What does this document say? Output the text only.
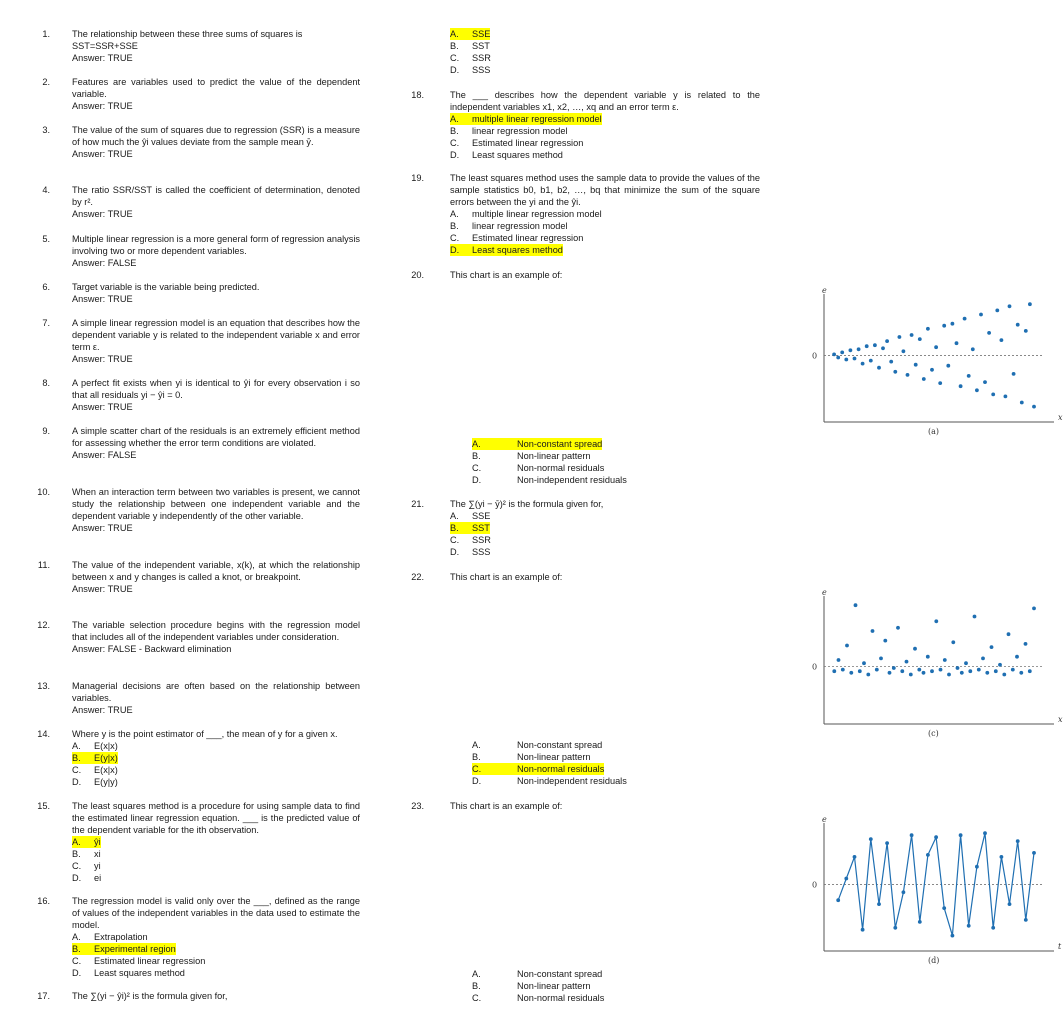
1. The relationship between these three sums of squares is
SST=SSR+SSE
Answer: TRUE
2. Features are variables used to predict the value of the dependent variable.
Answer: TRUE
3. The value of the sum of squares due to regression (SSR) is a measure of how much the ŷi values deviate from the sample mean ȳ.
Answer: TRUE
4. The ratio SSR/SST is called the coefficient of determination, denoted by r².

Answer: TRUE
5. Multiple linear regression is a more general form of regression analysis involving two or more dependent variables.
Answer: FALSE
6. Target variable is the variable being predicted.
Answer: TRUE
7. A simple linear regression model is an equation that describes how the dependent variable y is related to the independent variable x and error term ε.
Answer: TRUE
8. A perfect fit exists when yi is identical to ŷi for every observation i so that all residuals yi − ŷi = 0.
Answer: TRUE
9. A simple scatter chart of the residuals is an extremely efficient method for assessing whether the error term conditions are violated.
Answer: FALSE
10. When an interaction term between two variables is present, we cannot study the relationship between one independent variable and the dependent variable y independently of the other variable.
Answer: TRUE
11. The value of the independent variable, x(k), at which the relationship between x and y changes is called a knot, or breakpoint.
Answer: TRUE
12. The variable selection procedure begins with the regression model that includes all of the independent variables under consideration.
Answer: FALSE - Backward elimination
13. Managerial decisions are often based on the relationship between variables.
Answer: TRUE
14. Where y is the point estimator of ___, the mean of y for a given x.
A.	E(x|x)
B.	E(y|x)
C.	E(x|x)
D.	E(y|y)
15. The least squares method is a procedure for using sample data to find the estimated linear regression equation. ___ is the predicted value of the dependent variable for the ith observation.
A.	ŷi
B.	xi
C.	yi
D.	ei
16. The regression model is valid only over the ___, defined as the range of values of the independent variables in the data used to estimate the model.
A.	Extrapolation
B.	Experimental region
C.	Estimated linear regression
D.	Least squares method
17. The ∑(yi − ŷi)² is the formula given for,
A.	SSE
B.	SST
C.	SSR
D.	SSS
18.	The ___ describes how the dependent variable y is related to the independent variables x1, x2, …, xq and an error term ε.
A.	multiple linear regression model
B.	linear regression model
C.	Estimated linear regression
D.	Least squares method
19.	The least squares method uses the sample data to provide the values of the sample statistics b0, b1, b2, …, bq that minimize the sum of the square errors between the yi and the ŷi.
A.	multiple linear regression model
B.	linear regression model
C.	Estimated linear regression
D.	Least squares method
20.	This chart is an example of:
21.	The ∑(yi − ȳ)² is the formula given for,
A.	SSE
B.	SST
C.	SSR
D.	SSS
22.	This chart is an example of:
23.	This chart is an example of:
A.	Non-constant spread
B.	Non-linear pattern
C.	Non-normal residuals
D.	Non-independent residuals
A.	Non-constant spread
B.	Non-linear pattern
C.	Non-normal residuals
D.	Non-independent residuals
A.	Non-constant spread
B.	Non-linear pattern
C.	Non-normal residuals
0
e
x
(a)
0
e
x
(c)
0
e
t
(d)
